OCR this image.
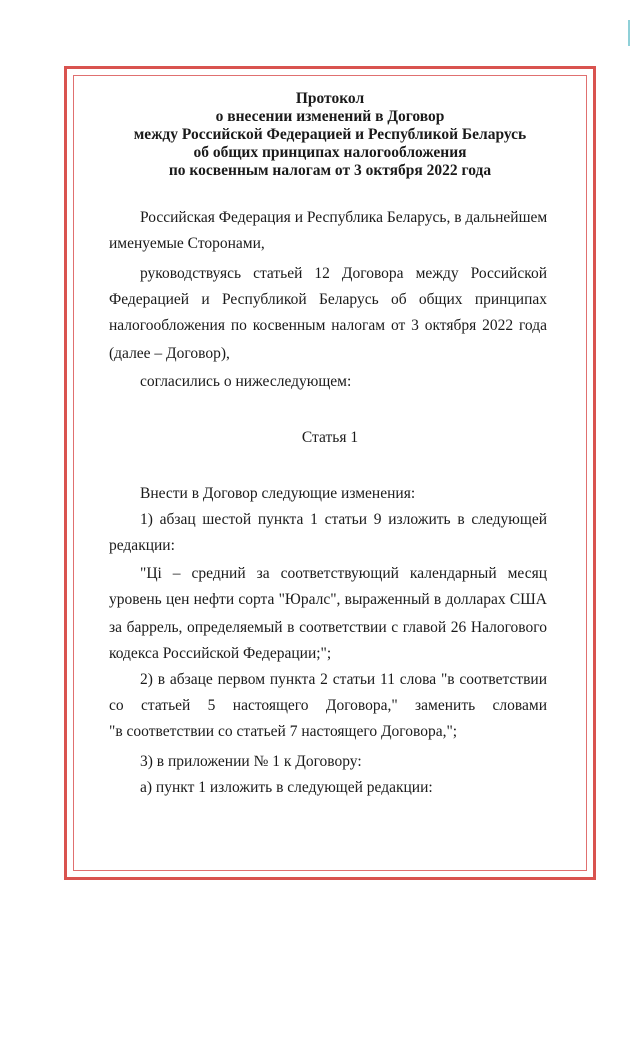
Протокол
о внесении изменений в Договор
между Российской Федерацией и Республикой Беларусь
об общих принципах налогообложения
по косвенным налогам от 3 октября 2022 года
Российская Федерация и Республика Беларусь, в дальнейшем
именуемые Сторонами,
руководствуясь статьей 12 Договора между Российской
Федерацией и Республикой Беларусь об общих принципах
налогообложения по косвенным налогам от 3 октября 2022 года
(далее – Договор),
согласились о нижеследующем:
Статья 1
Внести в Договор следующие изменения:
1) абзац шестой пункта 1 статьи 9 изложить в следующей
редакции:
"Цi – средний за соответствующий календарный месяц
уровень цен нефти сорта "Юралс", выраженный в долларах США
за баррель, определяемый в соответствии с главой 26 Налогового
кодекса Российской Федерации;";
2) в абзаце первом пункта 2 статьи 11 слова "в соответствии
со статьей 5 настоящего Договора," заменить словами
"в соответствии со статьей 7 настоящего Договора,";
3) в приложении № 1 к Договору:
а) пункт 1 изложить в следующей редакции:
